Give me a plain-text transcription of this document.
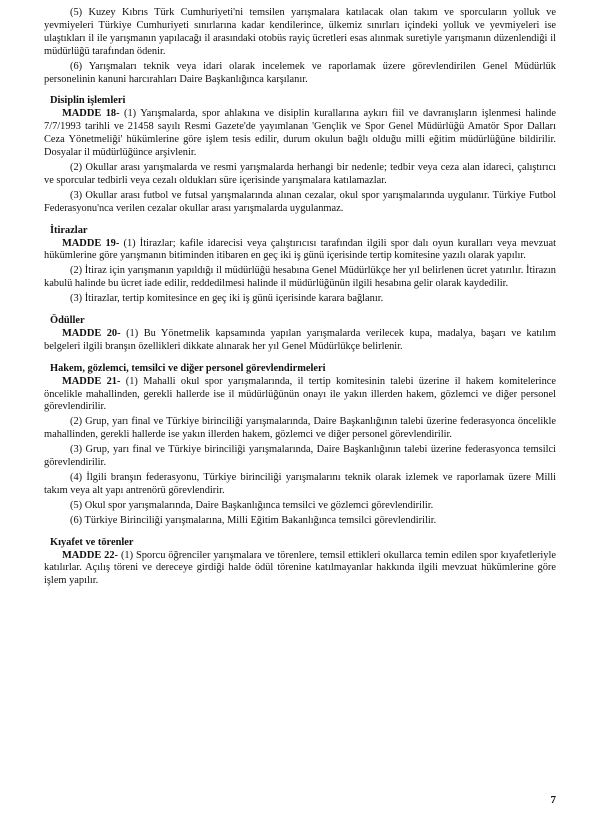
(5) Kuzey Kıbrıs Türk Cumhuriyeti'ni temsilen yarışmalara katılacak olan takım ve sporcuların yolluk ve yevmiyeleri Türkiye Cumhuriyeti sınırlarına kadar kendilerince, ülkemiz sınırları içindeki yolluk ve yevmiyeleri ise ulaştıkları il ile yarışmanın yapılacağı il arasındaki otobüs rayiç ücretleri esas alınmak suretiyle yarışmanın düzenlendiği il müdürlüğü tarafından ödenir.

(6) Yarışmaları teknik veya idari olarak incelemek ve raporlamak üzere görevlendirilen Genel Müdürlük personelinin kanuni harcırahları Daire Başkanlığınca karşılanır.

Disiplin işlemleri

MADDE 18- (1) Yarışmalarda, spor ahlakına ve disiplin kurallarına aykırı fiil ve davranışların işlenmesi halinde 7/7/1993 tarihli ve 21458 sayılı Resmi Gazete'de yayımlanan 'Gençlik ve Spor Genel Müdürlüğü Amatör Spor Dalları Ceza Yönetmeliği' hükümlerine göre işlem tesis edilir, durum okulun bağlı olduğu milli eğitim müdürlüğüne bildirilir. Dosyalar il müdürlüğünce arşivlenir.

(2) Okullar arası yarışmalarda ve resmi yarışmalarda herhangi bir nedenle; tedbir veya ceza alan idareci, çalıştırıcı ve sporcular tedbirli veya cezalı oldukları süre içerisinde yarışmalara katılamazlar.

(3) Okullar arası futbol ve futsal yarışmalarında alınan cezalar, okul spor yarışmalarında uygulanır. Türkiye Futbol Federasyonu'nca verilen cezalar okullar arası yarışmalarda uygulanmaz.

İtirazlar

MADDE 19- (1) İtirazlar; kafile idarecisi veya çalıştırıcısı tarafından ilgili spor dalı oyun kuralları veya mevzuat hükümlerine göre yarışmanın bitiminden itibaren en geç iki iş günü içerisinde tertip komitesine yazılı olarak yapılır.

(2) İtiraz için yarışmanın yapıldığı il müdürlüğü hesabına Genel Müdürlükçe her yıl belirlenen ücret yatırılır. İtirazın kabulü halinde bu ücret iade edilir, reddedilmesi halinde il müdürlüğünün ilgili hesabına gelir olarak kaydedilir.

(3) İtirazlar, tertip komitesince en geç iki iş günü içerisinde karara bağlanır.

Ödüller

MADDE 20- (1) Bu Yönetmelik kapsamında yapılan yarışmalarda verilecek kupa, madalya, başarı ve katılım belgeleri ilgili branşın özellikleri dikkate alınarak her yıl Genel Müdürlükçe belirlenir.

Hakem, gözlemci, temsilci ve diğer personel görevlendirmeleri

MADDE 21- (1) Mahalli okul spor yarışmalarında, il tertip komitesinin talebi üzerine il hakem komitelerince öncelikle mahallinden, gerekli hallerde ise il müdürlüğünün onayı ile yakın illerden hakem, gözlemci ve diğer personel görevlendirilir.

(2) Grup, yarı final ve Türkiye birinciliği yarışmalarında, Daire Başkanlığının talebi üzerine federasyonca öncelikle mahallinden, gerekli hallerde ise yakın illerden hakem, gözlemci ve diğer personel görevlendirilir.

(3) Grup, yarı final ve Türkiye birinciliği yarışmalarında, Daire Başkanlığının talebi üzerine federasyonca temsilci görevlendirilir.

(4) İlgili branşın federasyonu, Türkiye birinciliği yarışmalarını teknik olarak izlemek ve raporlamak üzere Milli takım veya alt yapı antrenörü görevlendirir.

(5) Okul spor yarışmalarında, Daire Başkanlığınca temsilci ve gözlemci görevlendirilir.

(6) Türkiye Birinciliği yarışmalarına, Milli Eğitim Bakanlığınca temsilci görevlendirilir.

Kıyafet ve törenler

MADDE 22- (1) Sporcu öğrenciler yarışmalara ve törenlere, temsil ettikleri okullarca temin edilen spor kıyafetleriyle katılırlar. Açılış töreni ve dereceye girdiği halde ödül törenine katılmayanlar hakkında ilgili mevzuat hükümlerine göre işlem yapılır.

7
